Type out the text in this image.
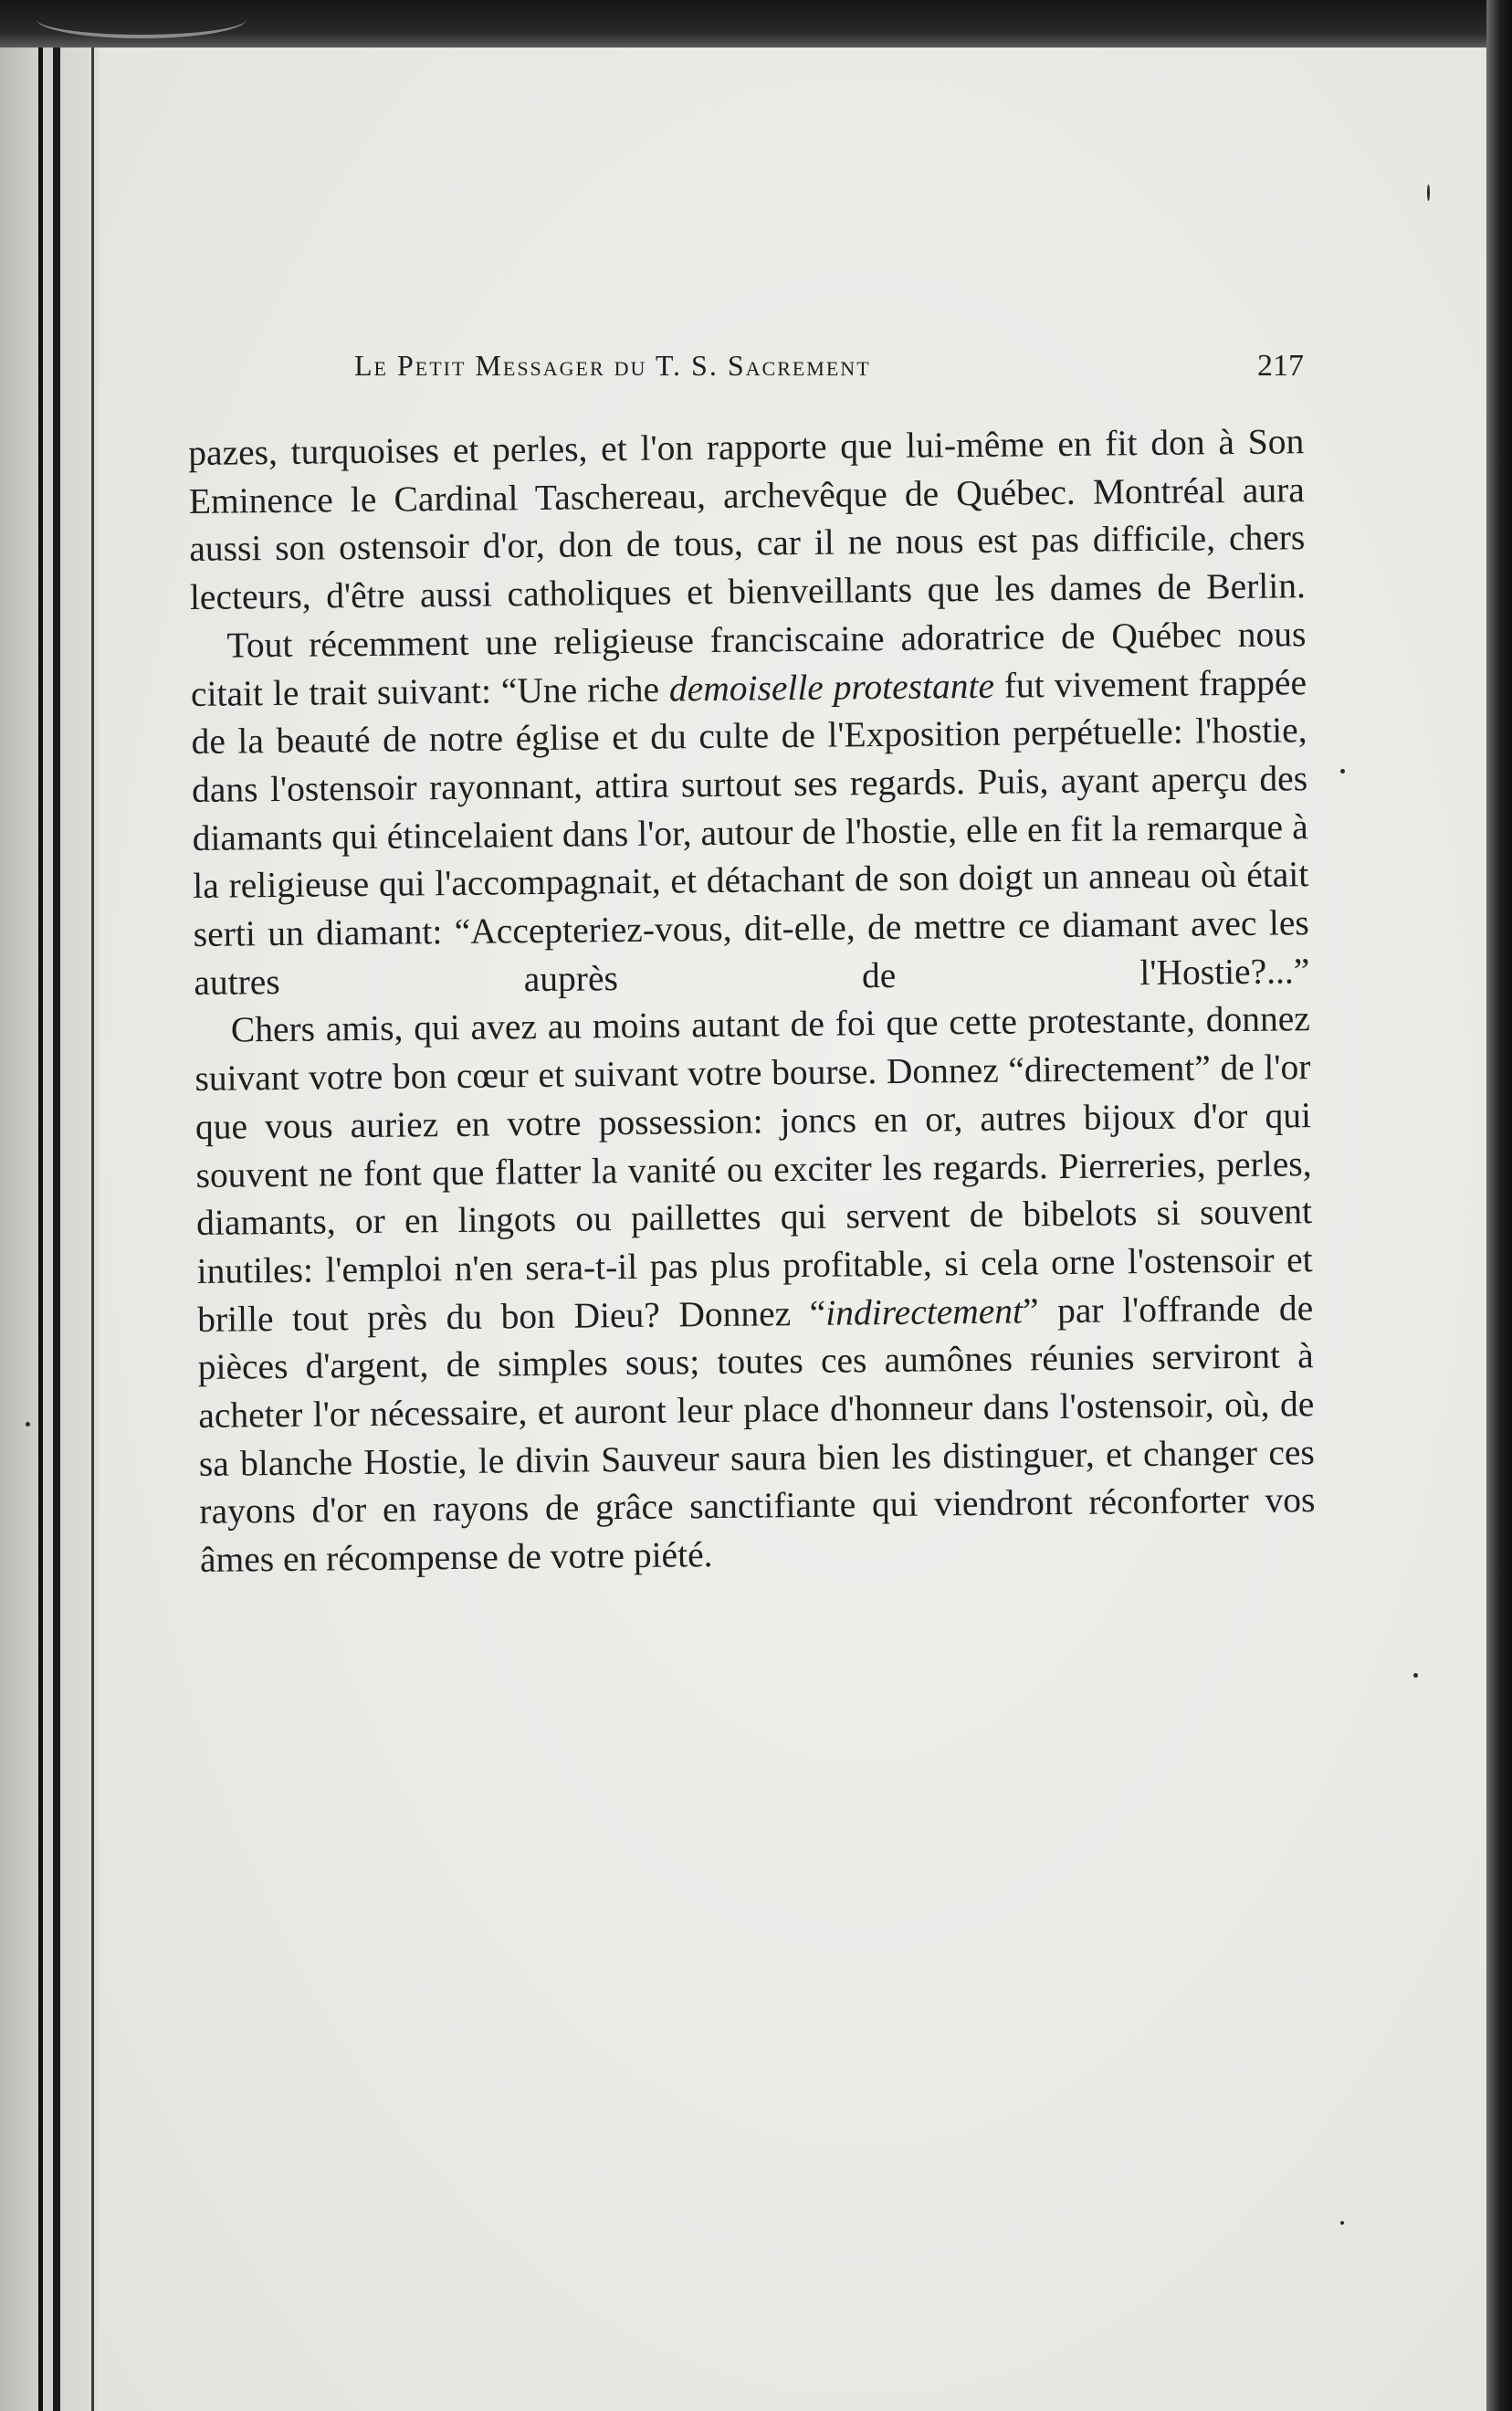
Le Petit Messager du T. S. Sacrement	217

pazes, turquoises et perles, et l'on rapporte que lui-même en fit don à Son Eminence le Cardinal Taschereau, archevêque de Québec. Montréal aura aussi son ostensoir d'or, don de tous, car il ne nous est pas difficile, chers lecteurs, d'être aussi catholiques et bienveillants que les dames de Berlin.

Tout récemment une religieuse franciscaine adoratrice de Québec nous citait le trait suivant: “Une riche demoiselle protestante fut vivement frappée de la beauté de notre église et du culte de l'Exposition perpétuelle: l'hostie, dans l'ostensoir rayonnant, attira surtout ses regards. Puis, ayant aperçu des diamants qui étincelaient dans l'or, autour de l'hostie, elle en fit la remarque à la religieuse qui l'accompagnait, et détachant de son doigt un anneau où était serti un diamant: “Accepteriez-vous, dit-elle, de mettre ce diamant avec les autres auprès de l'Hostie?...”

Chers amis, qui avez au moins autant de foi que cette protestante, donnez suivant votre bon cœur et suivant votre bourse. Donnez “directement” de l'or que vous auriez en votre possession: joncs en or, autres bijoux d'or qui souvent ne font que flatter la vanité ou exciter les regards. Pierreries, perles, diamants, or en lingots ou paillettes qui servent de bibelots si souvent inutiles: l'emploi n'en sera-t-il pas plus profitable, si cela orne l'ostensoir et brille tout près du bon Dieu? Donnez “indirectement” par l'offrande de pièces d'argent, de simples sous; toutes ces aumônes réunies serviront à acheter l'or nécessaire, et auront leur place d'honneur dans l'ostensoir, où, de sa blanche Hostie, le divin Sauveur saura bien les distinguer, et changer ces rayons d'or en rayons de grâce sanctifiante qui viendront réconforter vos âmes en récompense de votre piété.
